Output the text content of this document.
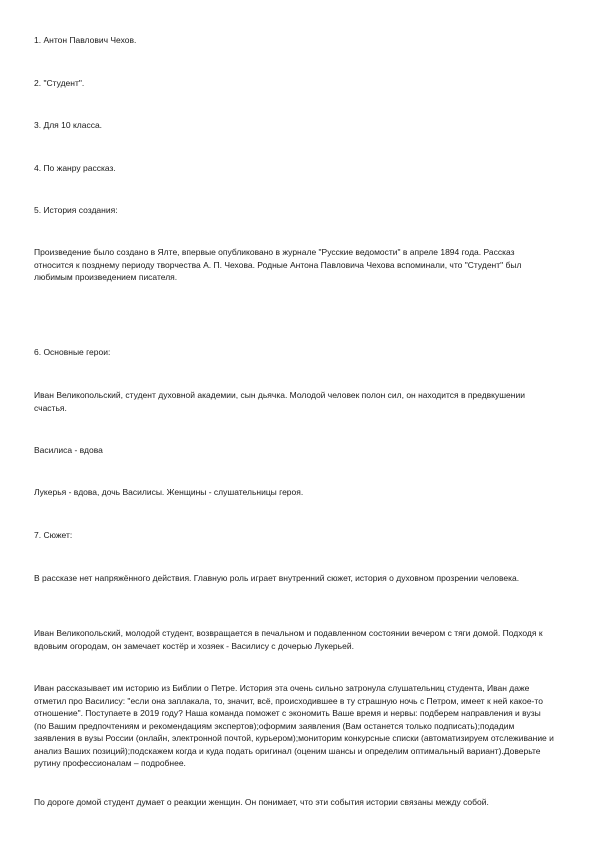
1. Антон Павлович Чехов.

2. "Студент".

3. Для 10 класса.

4. По жанру рассказ.

5. История создания:

Произведение было создано в Ялте, впервые опубликовано в журнале "Русские ведомости" в апреле 1894 года. Рассказ относится к позднему периоду творчества А. П. Чехова. Родные Антона Павловича Чехова вспоминали, что "Студент" был любимым произведением писателя.

6. Основные герои:

Иван Великопольский, студент духовной академии, сын дьячка. Молодой человек полон сил, он находится в предвкушении счастья.

Василиса - вдова

Лукерья - вдова, дочь Василисы. Женщины - слушательницы героя.

7. Сюжет:

В рассказе нет напряжённого действия. Главную роль играет внутренний сюжет, история о духовном прозрении человека.

Иван Великопольский, молодой студент, возвращается в печальном и подавленном состоянии вечером с тяги домой. Подходя к вдовьим огородам, он замечает костёр и хозяек - Василису с дочерью Лукерьей.

Иван рассказывает им историю из Библии о Петре. История эта очень сильно затронула слушательниц студента, Иван даже отметил про Василису: "если она заплакала, то, значит, всё, происходившее в ту страшную ночь с Петром, имеет к ней какое-то отношение". Поступаете в 2019 году? Наша команда поможет с экономить Ваше время и нервы: подберем направления и вузы (по Вашим предпочтениям и рекомендациям экспертов);оформим заявления (Вам останется только подписать);подадим заявления в вузы России (онлайн, электронной почтой, курьером);мониторим конкурсные списки (автоматизируем отслеживание и анализ Ваших позиций);подскажем когда и куда подать оригинал (оценим шансы и определим оптимальный вариант).Доверьте рутину профессионалам – подробнее.

По дороге домой студент думает о реакции женщин. Он понимает, что эти события истории связаны между собой.
